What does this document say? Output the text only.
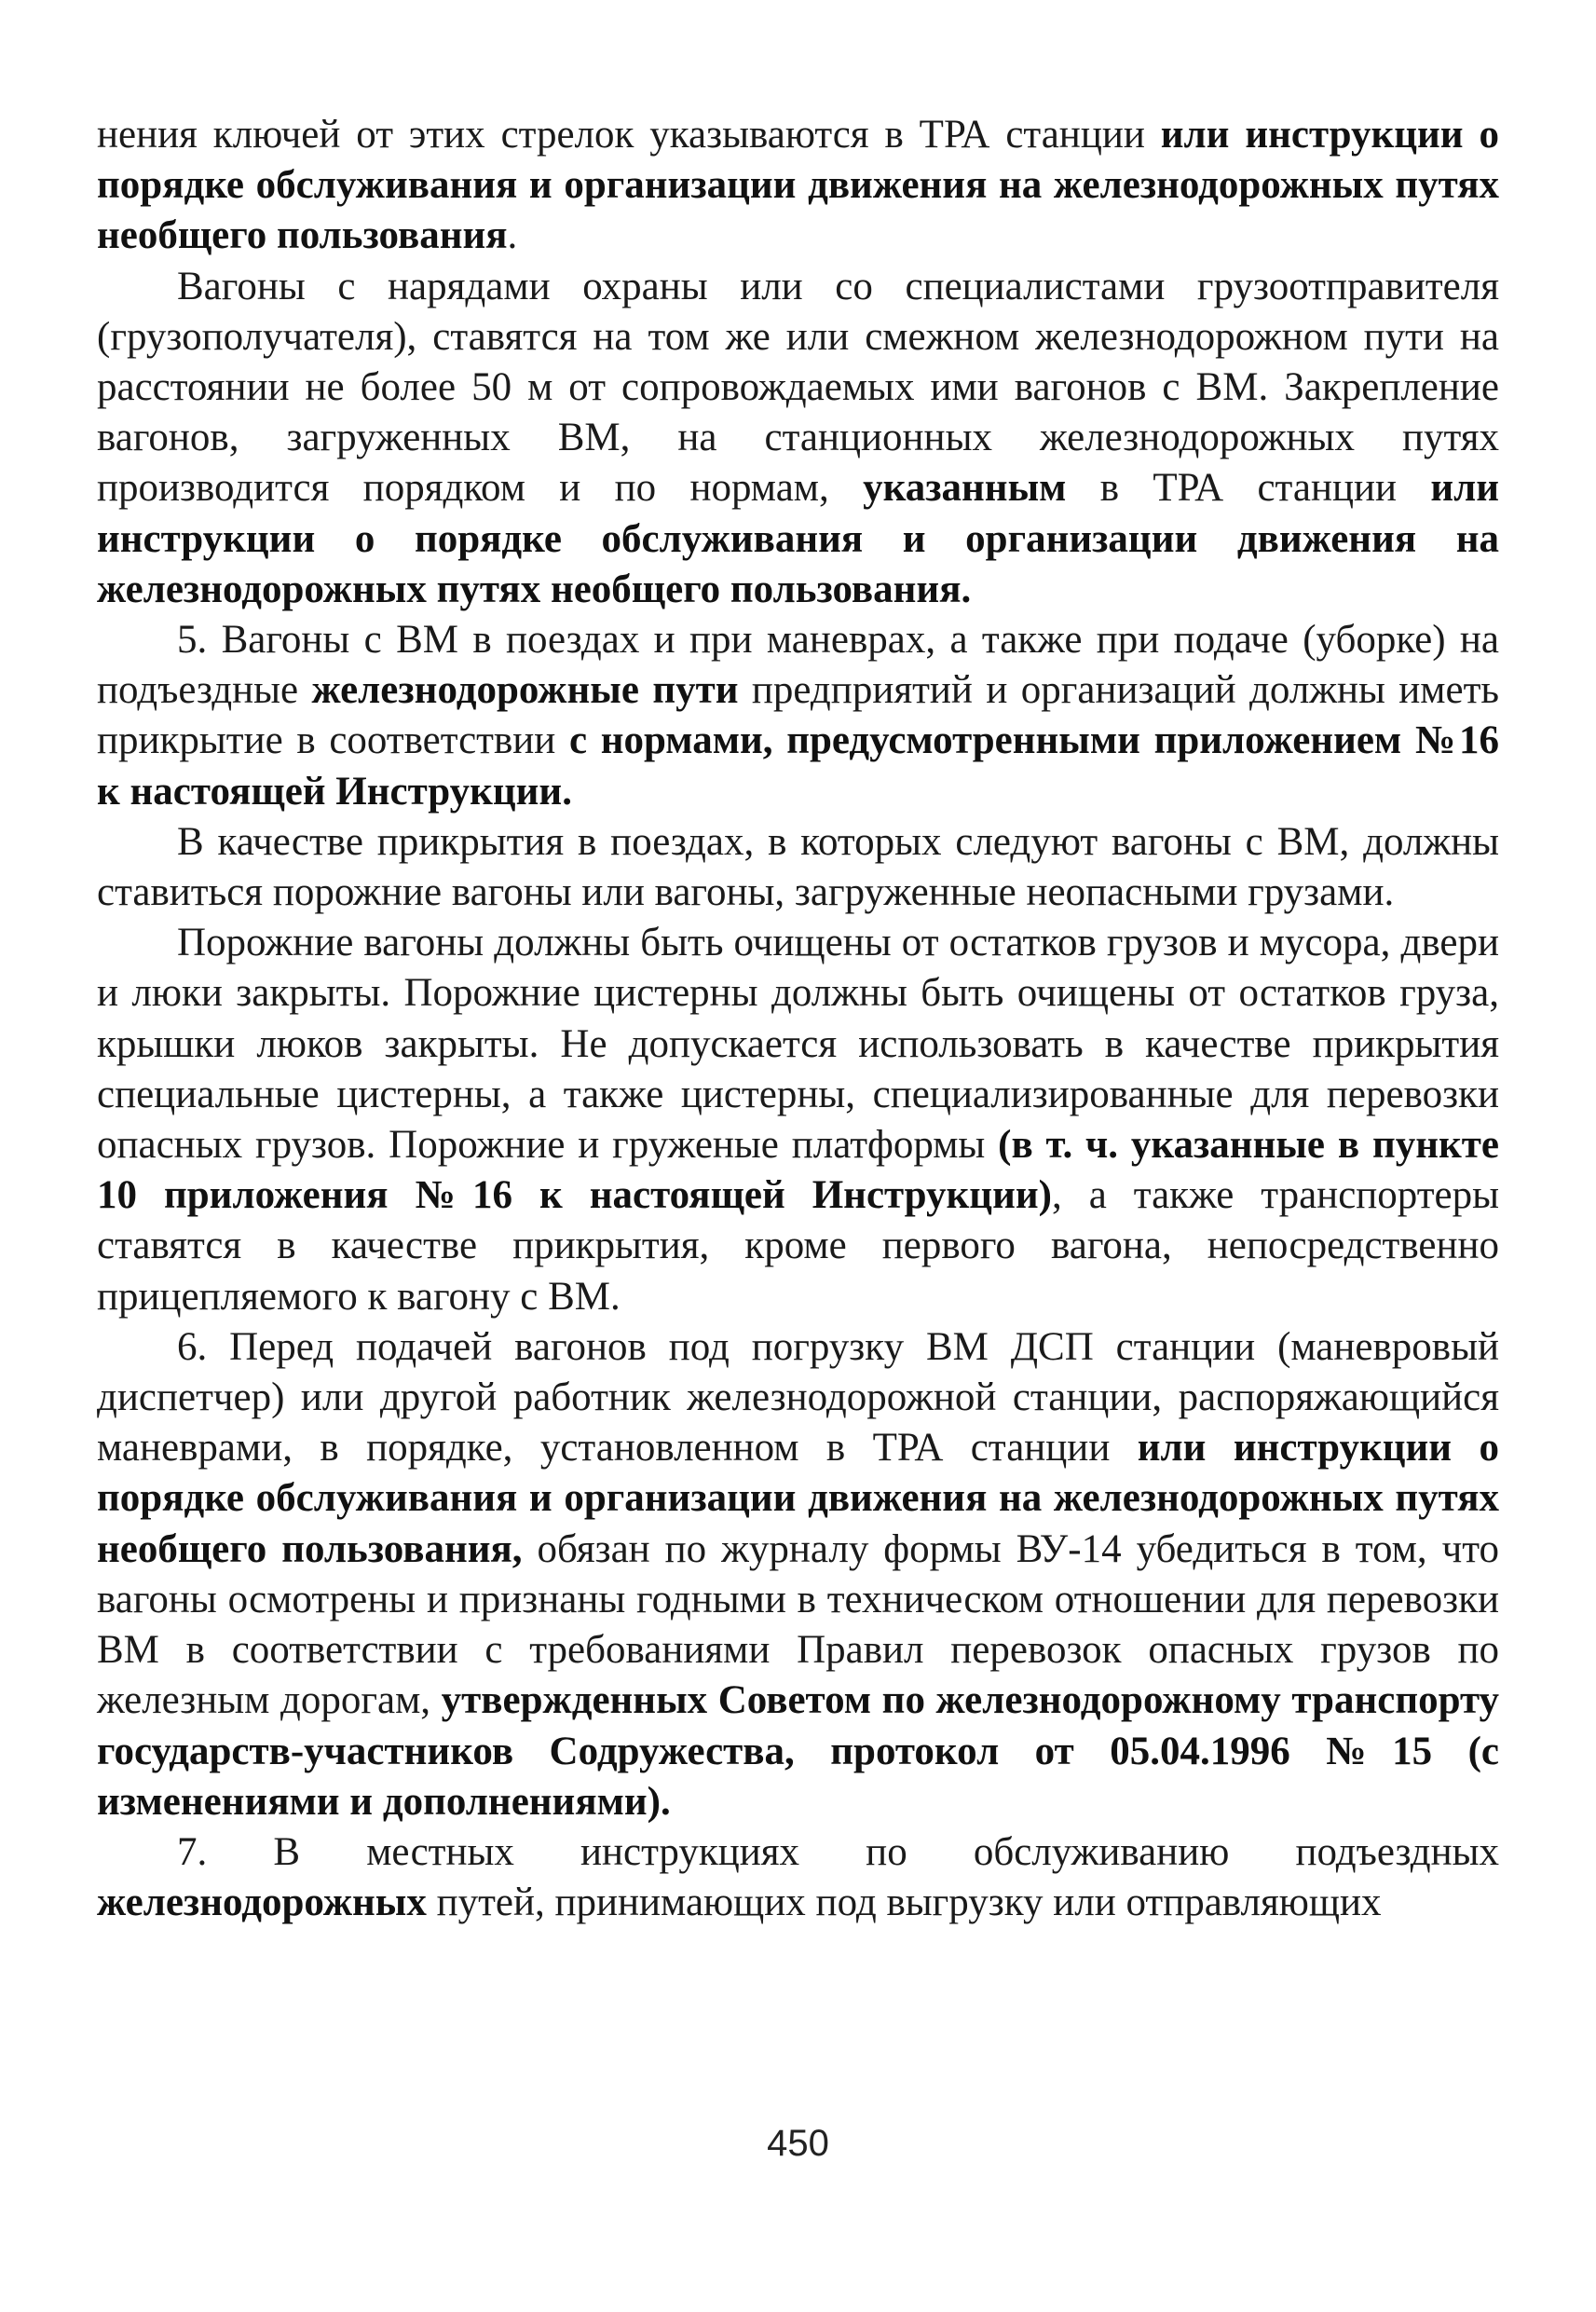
нения ключей от этих стрелок указываются в ТРА станции или инструкции о порядке обслуживания и организации движения на железнодорожных путях необщего пользования.

Вагоны с нарядами охраны или со специалистами грузоотправителя (грузополучателя), ставятся на том же или смежном железнодорожном пути на расстоянии не более 50 м от сопровождаемых ими вагонов с ВМ. Закрепление вагонов, загруженных ВМ, на станционных железнодорожных путях производится порядком и по нормам, указанным в ТРА станции или инструкции о порядке обслуживания и организации движения на железнодорожных путях необщего пользования.

5. Вагоны с ВМ в поездах и при маневрах, а также при подаче (уборке) на подъездные железнодорожные пути предприятий и организаций должны иметь прикрытие в соответствии с нормами, предусмотренными приложением №16 к настоящей Инструкции.

В качестве прикрытия в поездах, в которых следуют вагоны с ВМ, должны ставиться порожние вагоны или вагоны, загруженные неопасными грузами.

Порожние вагоны должны быть очищены от остатков грузов и мусора, двери и люки закрыты. Порожние цистерны должны быть очищены от остатков груза, крышки люков закрыты. Не допускается использовать в качестве прикрытия специальные цистерны, а также цистерны, специализированные для перевозки опасных грузов. Порожние и груженые платформы (в т. ч. указанные в пункте 10 приложения №16 к настоящей Инструкции), а также транспортеры ставятся в качестве прикрытия, кроме первого вагона, непосредственно прицепляемого к вагону с ВМ.

6. Перед подачей вагонов под погрузку ВМ ДСП станции (маневровый диспетчер) или другой работник железнодорожной станции, распоряжающийся маневрами, в порядке, установленном в ТРА станции или инструкции о порядке обслуживания и организации движения на железнодорожных путях необщего пользования, обязан по журналу формы ВУ-14 убедиться в том, что вагоны осмотрены и признаны годными в техническом отношении для перевозки ВМ в соответствии с требованиями Правил перевозок опасных грузов по железным дорогам, утвержденных Советом по железнодорожному транспорту государств-участников Содружества, протокол от 05.04.1996 №15 (с изменениями и дополнениями).

7. В местных инструкциях по обслуживанию подъездных железнодорожных путей, принимающих под выгрузку или отправляющих

450
